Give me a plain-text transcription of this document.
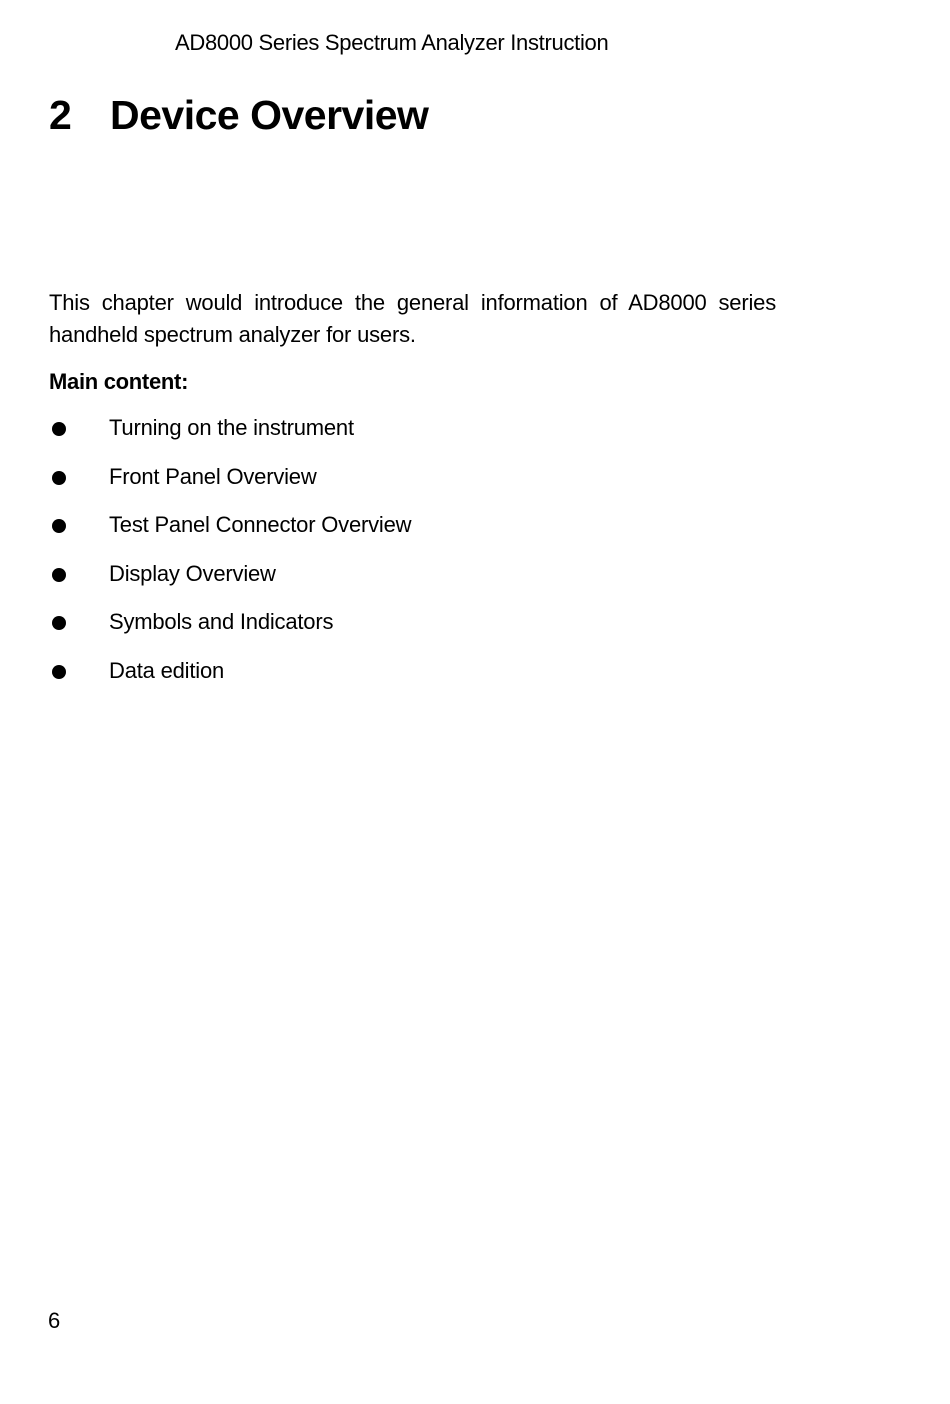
AD8000 Series Spectrum Analyzer Instruction
2 Device Overview
This chapter would introduce the general information of AD8000 series handheld spectrum analyzer for users.
Main content:
Turning on the instrument
Front Panel Overview
Test Panel Connector Overview
Display Overview
Symbols and Indicators
Data edition
6
